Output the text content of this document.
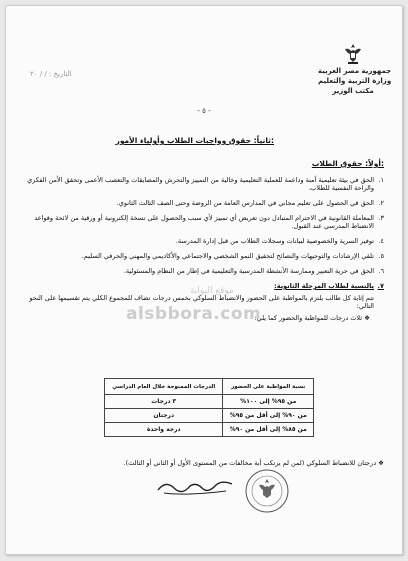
جمهورية مصر العربية
وزارة التربية والتعليم
مكتب الوزير
التاريخ : / / ٢٠
- ٥ -
ثانياً: حقوق وواجبات الطلاب وأولياء الأمور:
أولاً: حقوق الطلاب:
١.
الحق في بيئة تعليمية آمنة وداعمة للعملية التعليمية وخالية من التمييز والتحرش والمضايقات والتعصب الأعمى وتحقق الأمن الفكري والراحة النفسية للطلاب.
٢.
الحق في الحصول على تعليم مجاني في المدارس العامة من الروضة وحتى الصف الثالث الثانوي.
٣.
المعاملة القانونية في الاحترام المتبادل دون تعريض أي تمييز لأي سبب والحصول على نسخة إلكترونية أو ورقية من لائحة وقواعد الانضباط المدرسي عند القبول.
٤.
توفير السرية والخصوصية لبيانات وسجلات الطلاب من قبل إدارة المدرسة.
٥.
تلقي الإرشادات والتوجيهات والنصائح لتحقيق النمو الشخصي والاجتماعي والأكاديمي والمهني والحرفي السليم.
٦.
الحق في حرية التعبير وممارسة الأنشطة المدرسية والتعليمية في إطار من النظام والمسئولية.
٧.
بالنسبة لطلاب المرحلة الثانوية:
تتم إثابة كل طالب يلتزم بالمواظبة على الحضور والانضباط السلوكي بخمس درجات تضاف للمجموع الكلي يتم تقسيمها على النحو التالي:
❖ ثلاث درجات للمواظبة والحضور كما يلي:
نسبة المواظبة على الحضور	الدرجات الممنوحة خلال العام الدراسي
من ٩٥% إلى ١٠٠%	٣ درجات
من ٩٠% إلى أقل من ٩٥%	درجتان
من ٨٥% إلى أقل من ٩٠%	درجة واحدة
موقع البوابة
alsbbora.com
❖ درجتان للانضباط السلوكي (لمن لم يرتكب أية مخالفات من المستوى الأول أو الثاني أو الثالث).
